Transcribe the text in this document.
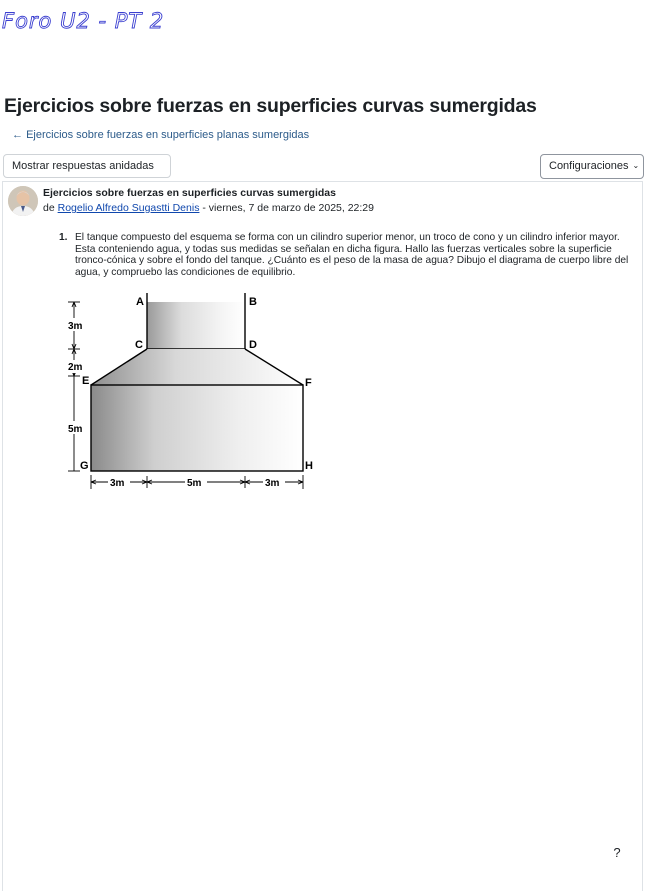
Foro U2 - PT 2
Ejercicios sobre fuerzas en superficies curvas sumergidas
← Ejercicios sobre fuerzas en superficies planas sumergidas
Mostrar respuestas anidadas	Configuraciones ⌄
Ejercicios sobre fuerzas en superficies curvas sumergidas
de Rogelio Alfredo Sugastti Denis - viernes, 7 de marzo de 2025, 22:29
1. El tanque compuesto del esquema se forma con un cilindro superior menor, un troco de cono y un cilindro inferior mayor. Esta conteniendo agua, y todas sus medidas se señalan en dicha figura. Hallo las fuerzas verticales sobre la superficie tronco-cónica y sobre el fondo del tanque. ¿Cuánto es el peso de la masa de agua? Dibujo el diagrama de cuerpo libre del agua, y compruebo las condiciones de equilibrio.
A	B
C	D
E	F
G	H
3m
2m
5m
3m	5m	3m
?
